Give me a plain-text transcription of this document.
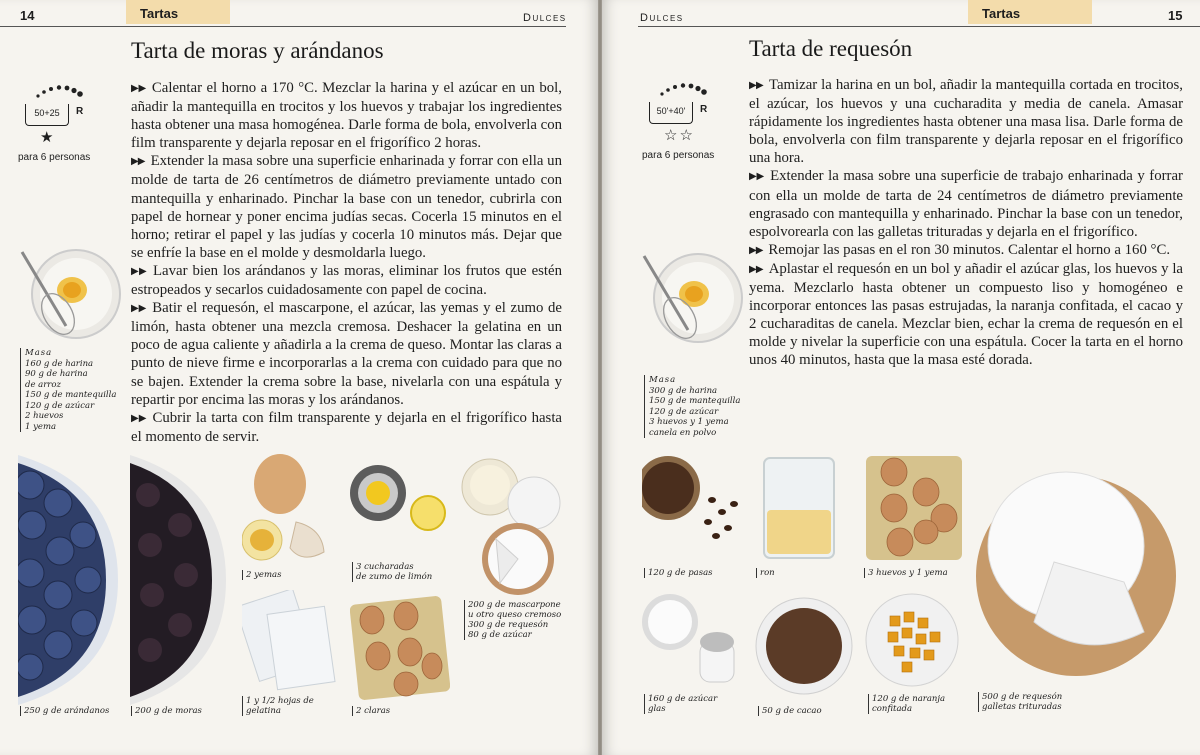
14	Tartas	Dulces
Tarta de moras y arándanos
50+25	R
★
para 6 personas

▶▶ Calentar el horno a 170 °C. Mezclar la harina y el azúcar en un bol, añadir la mantequilla en trocitos y los huevos y trabajar los ingredientes hasta obtener una masa homogénea. Darle forma de bola, envolverla con film transparente y dejarla reposar en el frigorífico 2 horas.

▶▶ Extender la masa sobre una superficie enharinada y forrar con ella un molde de tarta de 26 centímetros de diámetro previamente untado con mantequilla y enharinado. Pinchar la base con un tenedor, cubrirla con papel de hornear y poner encima judías secas. Cocerla 15 minutos en el horno; retirar el papel y las judías y cocerla 10 minutos más. Dejar que se enfríe la base en el molde y desmoldarla luego.

▶▶ Lavar bien los arándanos y las moras, eliminar los frutos que estén estropeados y secarlos cuidadosamente con papel de cocina.

▶▶ Batir el requesón, el mascarpone, el azúcar, las yemas y el zumo de limón, hasta obtener una mezcla cremosa. Deshacer la gelatina en un poco de agua caliente y añadirla a la crema de queso. Montar las claras a punto de nieve firme e incorporarlas a la crema con cuidado para que no se bajen. Extender la crema sobre la base, nivelarla con una espátula y repartir por encima las moras y los arándanos.

▶▶ Cubrir la tarta con film transparente y dejarla en el frigorífico hasta el momento de servir.

Masa
160 g de harina
90 g de harina
de arroz
150 g de mantequilla
120 g de azúcar
2 huevos
1 yema
250 g de arándanos	200 g de moras
2 yemas
1 y 1/2 hojas de
gelatina
3 cucharadas
de zumo de limón
2 claras
200 g de mascarpone
u otro queso cremoso
300 g de requesón
80 g de azúcar
Dulces	Tartas	15
Tarta de requesón
50'+40'	R
☆☆
para 6 personas

▶▶ Tamizar la harina en un bol, añadir la mantequilla cortada en trocitos, el azúcar, los huevos y una cucharadita y media de canela. Amasar rápidamente los ingredientes hasta obtener una masa lisa. Darle forma de bola, envolverla con film transparente y dejarla reposar en el frigorífico una hora.

▶▶ Extender la masa sobre una superficie de trabajo enharinada y forrar con ella un molde de tarta de 24 centímetros de diámetro previamente engrasado con mantequilla y enharinado. Pinchar la base con un tenedor, espolvorearla con las galletas trituradas y dejarla en el frigorífico.

▶▶ Remojar las pasas en el ron 30 minutos. Calentar el horno a 160 °C.

▶▶ Aplastar el requesón en un bol y añadir el azúcar glas, los huevos y la yema. Mezclarlo hasta obtener un compuesto liso y homogéneo e incorporar entonces las pasas estrujadas, la naranja confitada, el cacao y 2 cucharaditas de canela. Mezclar bien, echar la crema de requesón en el molde y nivelar la superficie con una espátula. Cocer la tarta en el horno unos 40 minutos, hasta que la masa esté dorada.

Masa
300 g de harina
150 g de mantequilla
120 g de azúcar
3 huevos y 1 yema
canela en polvo
120 g de pasas	ron	3 huevos y 1 yema
160 g de azúcar
glas	50 g de cacao
120 g de naranja
confitada
500 g de requesón
galletas trituradas
